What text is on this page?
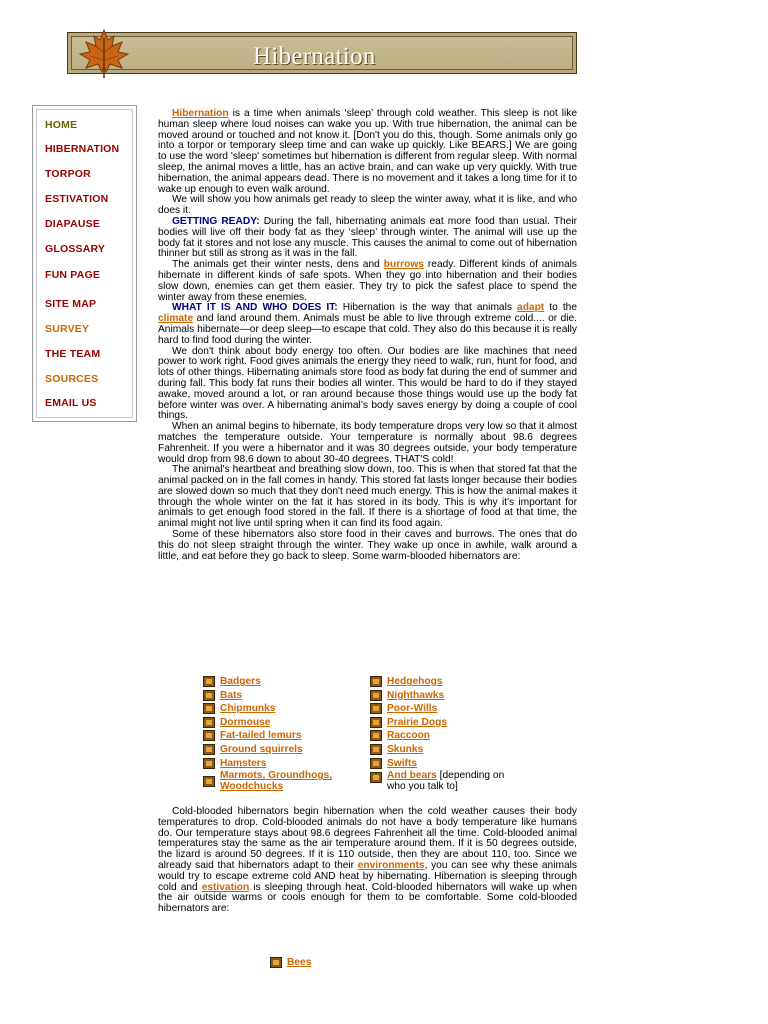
Hibernation
HOME
HIBERNATION
TORPOR
ESTIVATION
DIAPAUSE
GLOSSARY
FUN PAGE
SITE MAP
SURVEY
THE TEAM
SOURCES
EMAIL US

Hibernation is a time when animals ‘sleep’ through cold weather. This sleep is not like human sleep where loud noises can wake you up. With true hibernation, the animal can be moved around or touched and not know it. [Don't you do this, though. Some animals only go into a torpor or temporary sleep time and can wake up quickly. Like BEARS.] We are going to use the word 'sleep' sometimes but hibernation is different from regular sleep. With normal sleep, the animal moves a little, has an active brain, and can wake up very quickly. With true hibernation, the animal appears dead. There is no movement and it takes a long time for it to wake up enough to even walk around.

We will show you how animals get ready to sleep the winter away, what it is like, and who does it.

GETTING READY: During the fall, hibernating animals eat more food than usual. Their bodies will live off their body fat as they ‘sleep’ through winter. The animal will use up the body fat it stores and not lose any muscle. This causes the animal to come out of hibernation thinner but still as strong as it was in the fall.

The animals get their winter nests, dens and burrows ready. Different kinds of animals hibernate in different kinds of safe spots. When they go into hibernation and their bodies slow down, enemies can get them easier. They try to pick the safest place to spend the winter away from these enemies.

WHAT IT IS AND WHO DOES IT: Hibernation is the way that animals adapt to the climate and land around them. Animals must be able to live through extreme cold.... or die. Animals hibernate—or deep sleep—to escape that cold. They also do this because it is really hard to find food during the winter.

We don't think about body energy too often. Our bodies are like machines that need power to work right. Food gives animals the energy they need to walk, run, hunt for food, and lots of other things. Hibernating animals store food as body fat during the end of summer and during fall. This body fat runs their bodies all winter. This would be hard to do if they stayed awake, moved around a lot, or ran around because those things would use up the body fat before winter was over. A hibernating animal’s body saves energy by doing a couple of cool things.

When an animal begins to hibernate, its body temperature drops very low so that it almost matches the temperature outside. Your temperature is normally about 98.6 degrees Fahrenheit. If you were a hibernator and it was 30 degrees outside, your body temperature would drop from 98.6 down to about 30-40 degrees. THAT'S cold!

The animal's heartbeat and breathing slow down, too. This is when that stored fat that the animal packed on in the fall comes in handy. This stored fat lasts longer because their bodies are slowed down so much that they don't need much energy. This is how the animal makes it through the whole winter on the fat it has stored in its body. This is why it's important for animals to get enough food stored in the fall. If there is a shortage of food at that time, the animal might not live until spring when it can find its food again.

Some of these hibernators also store food in their caves and burrows. The ones that do this do not sleep straight through the winter. They wake up once in awhile, walk around a little, and eat before they go back to sleep. Some warm-blooded hibernators are:

Badgers
Bats
Chipmunks
Dormouse
Fat-tailed lemurs
Ground squirrels
Hamsters
Marmots, Groundhogs,
Woodchucks
Hedgehogs
Nighthawks
Poor-Wills
Prairie Dogs
Raccoon
Skunks
Swifts
And bears [depending on
who you talk to]

Cold-blooded hibernators begin hibernation when the cold weather causes their body temperatures to drop. Cold-blooded animals do not have a body temperature like humans do. Our temperature stays about 98.6 degrees Fahrenheit all the time. Cold-blooded animal temperatures stay the same as the air temperature around them. If it is 50 degrees outside, the lizard is around 50 degrees. If it is 110 outside, then they are about 110, too. Since we already said that hibernators adapt to their environments, you can see why these animals would try to escape extreme cold AND heat by hibernating. Hibernation is sleeping through cold and estivation is sleeping through heat. Cold-blooded hibernators will wake up when the air outside warms or cools enough for them to be comfortable. Some cold-blooded hibernators are:

Bees
